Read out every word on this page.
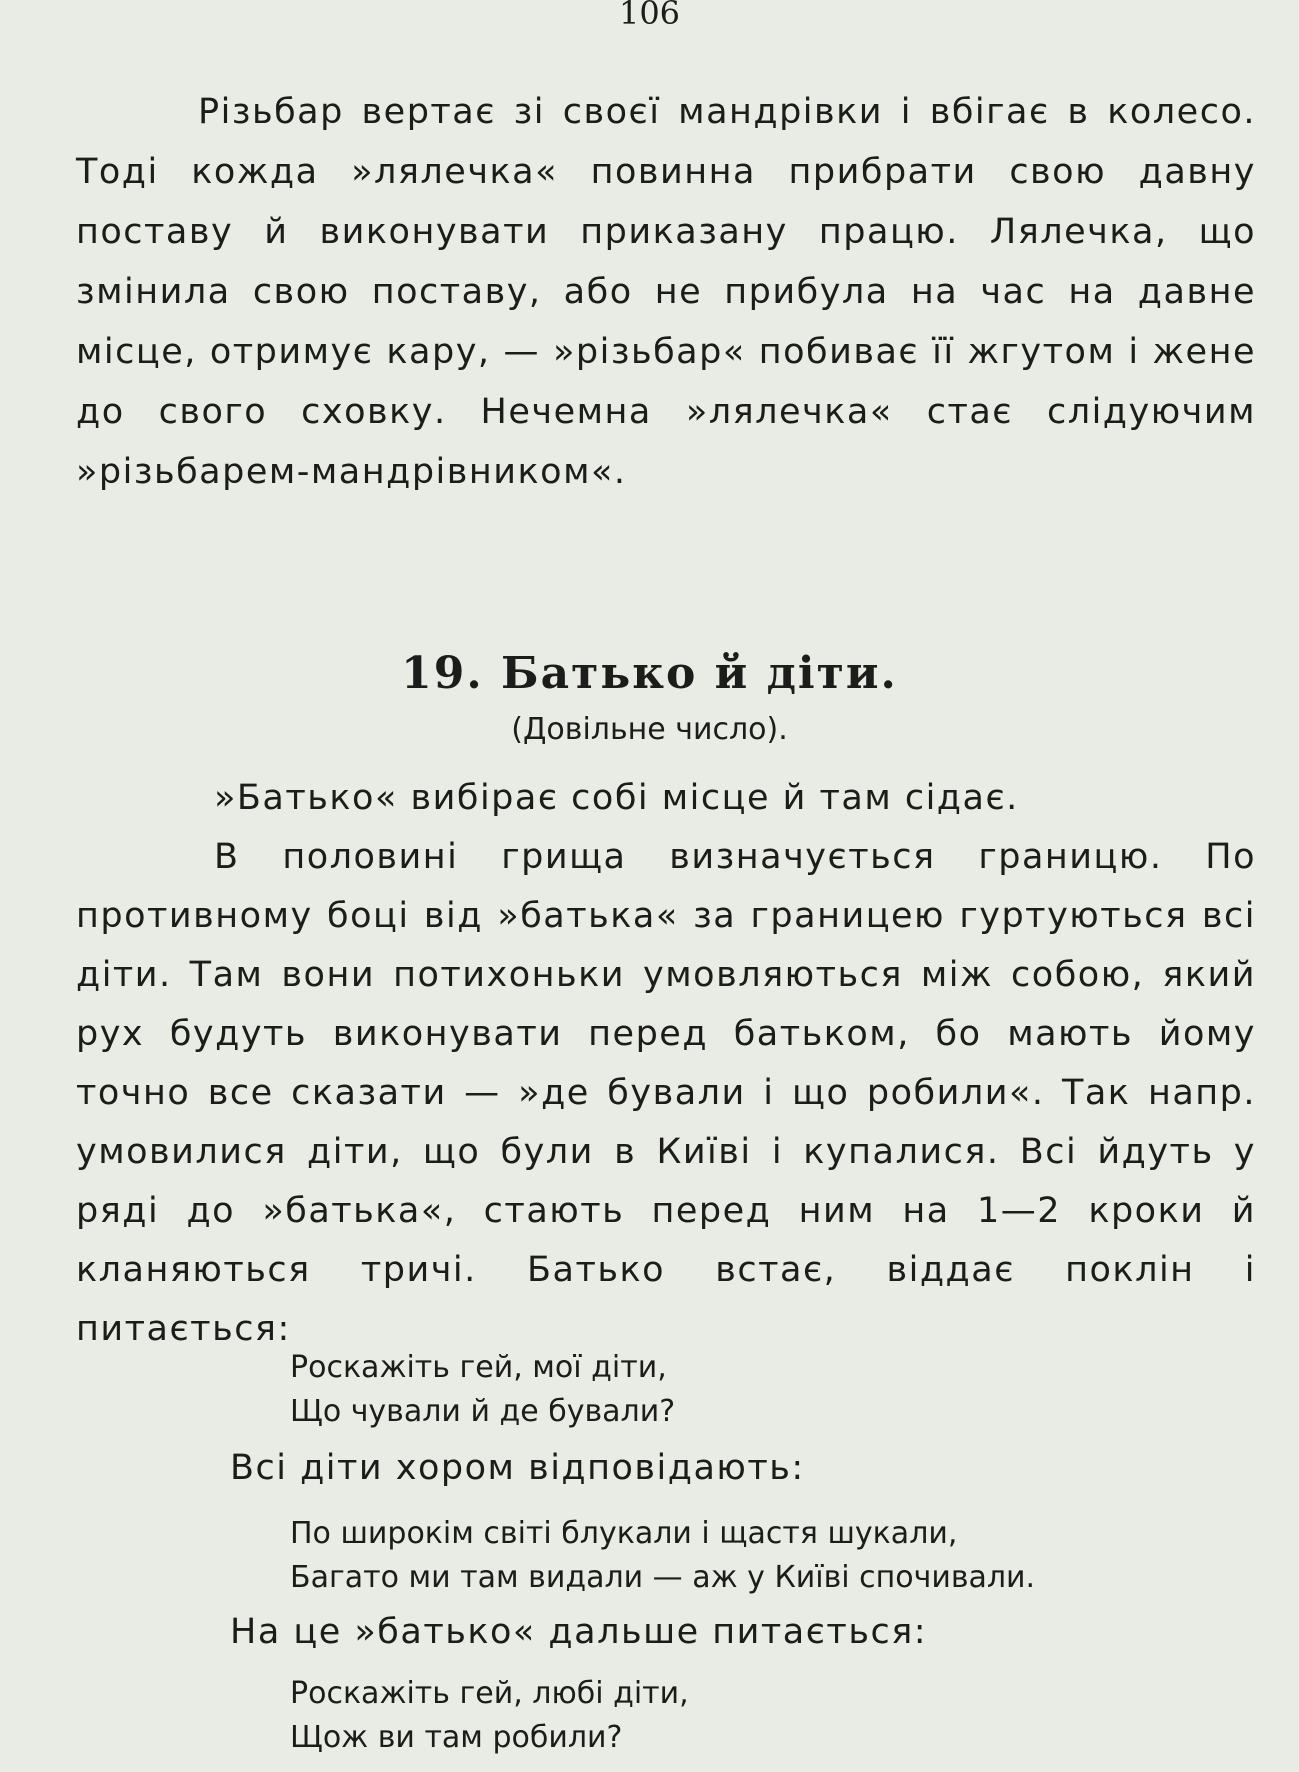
106

Різьбар вертає зі своєї мандрівки і вбігає в колесо. Тоді кожда »лялечка« повинна прибрати свою давну поставу й виконувати приказану працю. Лялечка, що змінила свою поставу, або не прибула на час на давне місце, отримує кару, — »різьбар« побиває її жгутом і жене до свого сховку. Нечемна »лялечка« стає слідуючим »різьбарем-мандрівником«.

19. Батько й діти.

(Довільне число).

»Батько« вибірає собі місце й там сідає.

В половині грища визначується границю. По противному боці від »батька« за границею гуртуються всі діти. Там вони потихоньки умовляються між собою, який рух будуть виконувати перед батьком, бо мають йому точно все сказати — »де бували і що робили«. Так напр. умовилися діти, що були в Київі і купалися. Всі йдуть у ряді до »батька«, стають перед ним на 1—2 кроки й кланяються тричі. Батько встає, віддає поклін і питається:

Роскажіть гей, мої діти,
Що чували й де бували?

Всі діти хором відповідають:

По широкім світі блукали і щастя шукали,
Багато ми там видали — аж у Київі спочивали.

На це »батько« дальше питається:

Роскажіть гей, любі діти,
Щож ви там робили?
